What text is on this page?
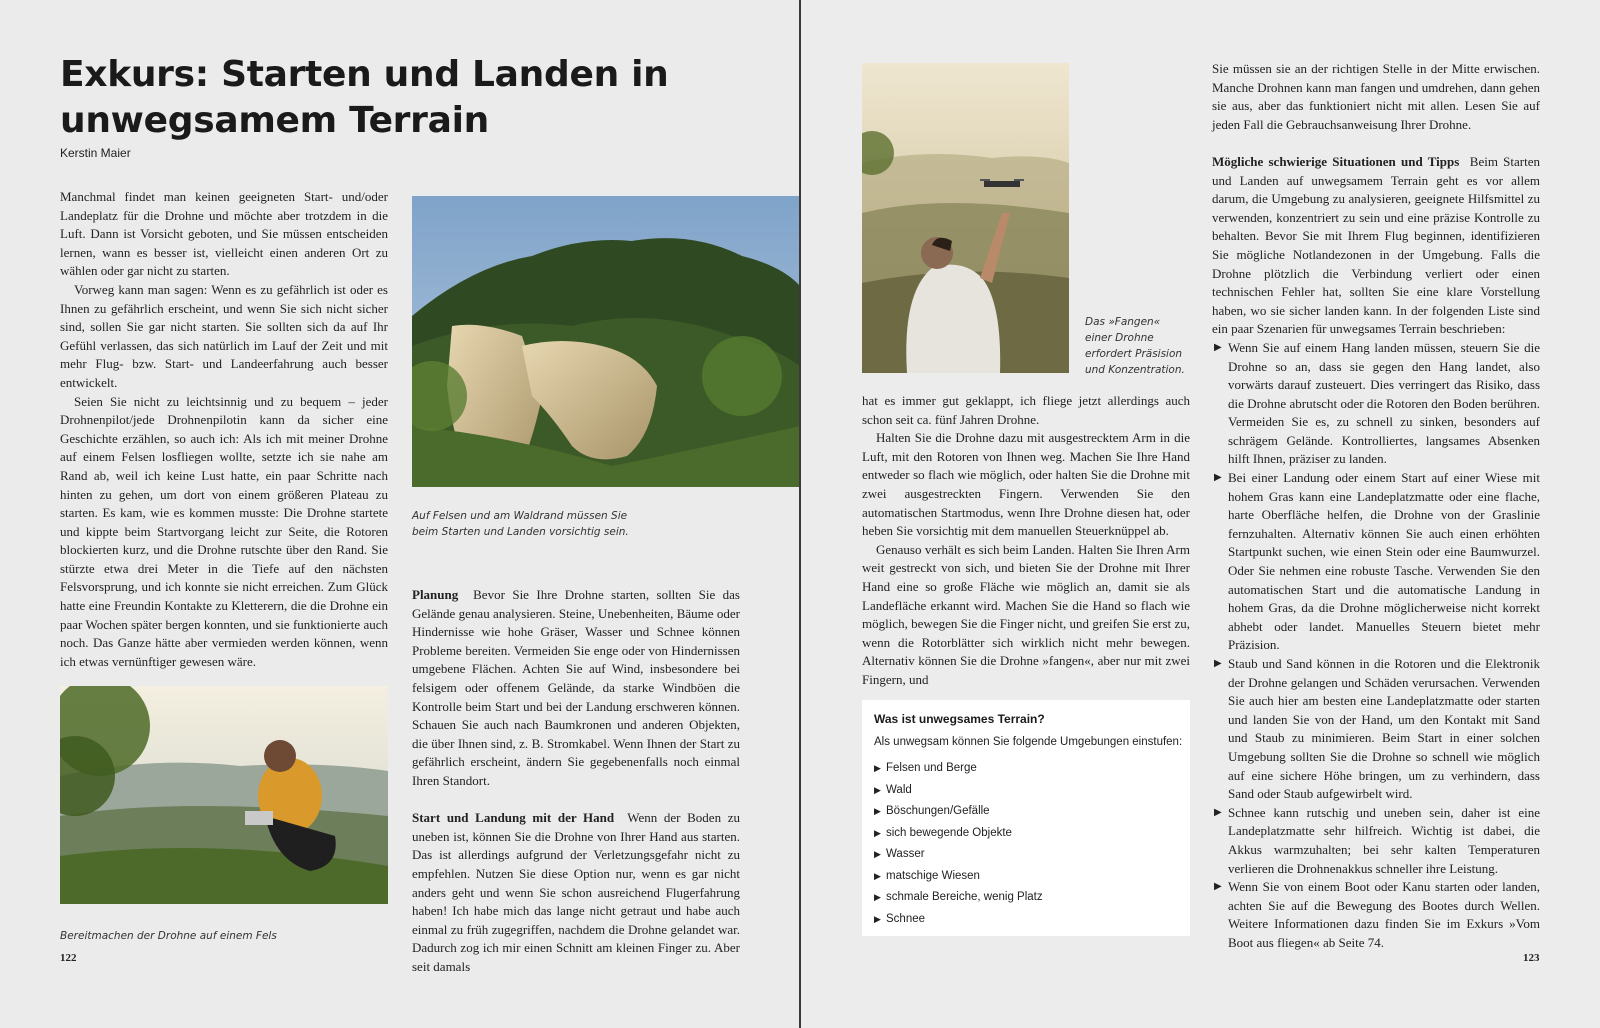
Exkurs: Starten und Landen in unwegsamem Terrain
Kerstin Maier

Manchmal findet man keinen geeigneten Start- und/oder Landeplatz für die Drohne und möchte aber trotzdem in die Luft. Dann ist Vorsicht geboten, und Sie müssen entscheiden lernen, wann es besser ist, vielleicht einen anderen Ort zu wählen oder gar nicht zu starten.

Vorweg kann man sagen: Wenn es zu gefährlich ist oder es Ihnen zu gefährlich erscheint, und wenn Sie sich nicht sicher sind, sollen Sie gar nicht starten. Sie sollten sich da auf Ihr Gefühl verlassen, das sich natürlich im Lauf der Zeit und mit mehr Flug- bzw. Start- und Landeerfahrung auch besser entwickelt.

Seien Sie nicht zu leichtsinnig und zu bequem – jeder Drohnenpilot/jede Drohnenpilotin kann da sicher eine Geschichte erzählen, so auch ich: Als ich mit meiner Drohne auf einem Felsen losfliegen wollte, setzte ich sie nahe am Rand ab, weil ich keine Lust hatte, ein paar Schritte nach hinten zu gehen, um dort von einem größeren Plateau zu starten. Es kam, wie es kommen musste: Die Drohne startete und kippte beim Startvorgang leicht zur Seite, die Rotoren blockierten kurz, und die Drohne rutschte über den Rand. Sie stürzte etwa drei Meter in die Tiefe auf den nächsten Felsvorsprung, und ich konnte sie nicht erreichen. Zum Glück hatte eine Freundin Kontakte zu Kletterern, die die Drohne ein paar Wochen später bergen konnten, und sie funktionierte auch noch. Das Ganze hätte aber vermieden werden können, wenn ich etwas vernünftiger gewesen wäre.

Auf Felsen und am Waldrand müssen Sie beim Starten und Landen vorsichtig sein.

Planung Bevor Sie Ihre Drohne starten, sollten Sie das Gelände genau analysieren. Steine, Unebenheiten, Bäume oder Hindernisse wie hohe Gräser, Wasser und Schnee können Probleme bereiten. Vermeiden Sie enge oder von Hindernissen umgebene Flächen. Achten Sie auf Wind, insbesondere bei felsigem oder offenem Gelände, da starke Windböen die Kontrolle beim Start und bei der Landung erschweren können. Schauen Sie auch nach Baumkronen und anderen Objekten, die über Ihnen sind, z. B. Stromkabel. Wenn Ihnen der Start zu gefährlich erscheint, ändern Sie gegebenenfalls noch einmal Ihren Standort.

Start und Landung mit der Hand Wenn der Boden zu uneben ist, können Sie die Drohne von Ihrer Hand aus starten. Das ist allerdings aufgrund der Verletzungsgefahr nicht zu empfehlen. Nutzen Sie diese Option nur, wenn es gar nicht anders geht und wenn Sie schon ausreichend Flugerfahrung haben! Ich habe mich das lange nicht getraut und habe auch einmal zu früh zugegriffen, nachdem die Drohne gelandet war. Dadurch zog ich mir einen Schnitt am kleinen Finger zu. Aber seit damals

Bereitmachen der Drohne auf einem Fels
122
Das »Fangen« einer Drohne erfordert Präsision und Konzentration.

hat es immer gut geklappt, ich fliege jetzt allerdings auch schon seit ca. fünf Jahren Drohne.

Halten Sie die Drohne dazu mit ausgestrecktem Arm in die Luft, mit den Rotoren von Ihnen weg. Machen Sie Ihre Hand entweder so flach wie möglich, oder halten Sie die Drohne mit zwei ausgestreckten Fingern. Verwenden Sie den automatischen Startmodus, wenn Ihre Drohne diesen hat, oder heben Sie vorsichtig mit dem manuellen Steuerknüppel ab.

Genauso verhält es sich beim Landen. Halten Sie Ihren Arm weit gestreckt von sich, und bieten Sie der Drohne mit Ihrer Hand eine so große Fläche wie möglich an, damit sie als Landefläche erkannt wird. Machen Sie die Hand so flach wie möglich, bewegen Sie die Finger nicht, und greifen Sie erst zu, wenn die Rotorblätter sich wirklich nicht mehr bewegen. Alternativ können Sie die Drohne »fangen«, aber nur mit zwei Fingern, und

Sie müssen sie an der richtigen Stelle in der Mitte erwischen. Manche Drohnen kann man fangen und umdrehen, dann gehen sie aus, aber das funktioniert nicht mit allen. Lesen Sie auf jeden Fall die Gebrauchsanweisung Ihrer Drohne.

Mögliche schwierige Situationen und Tipps Beim Starten und Landen auf unwegsamem Terrain geht es vor allem darum, die Umgebung zu analysieren, geeignete Hilfsmittel zu verwenden, konzentriert zu sein und eine präzise Kontrolle zu behalten. Bevor Sie mit Ihrem Flug beginnen, identifizieren Sie mögliche Notlandezonen in der Umgebung. Falls die Drohne plötzlich die Verbindung verliert oder einen technischen Fehler hat, sollten Sie eine klare Vorstellung haben, wo sie sicher landen kann. In der folgenden Liste sind ein paar Szenarien für unwegsames Terrain beschrieben:

▶ Wenn Sie auf einem Hang landen müssen, steuern Sie die Drohne so an, dass sie gegen den Hang landet, also vorwärts darauf zusteuert. Dies verringert das Risiko, dass die Drohne abrutscht oder die Rotoren den Boden berühren. Vermeiden Sie es, zu schnell zu sinken, besonders auf schrägem Gelände. Kontrolliertes, langsames Absenken hilft Ihnen, präziser zu landen.
▶ Bei einer Landung oder einem Start auf einer Wiese mit hohem Gras kann eine Landeplatzmatte oder eine flache, harte Oberfläche helfen, die Drohne von der Graslinie fernzuhalten. Alternativ können Sie auch einen erhöhten Startpunkt suchen, wie einen Stein oder eine Baumwurzel. Oder Sie nehmen eine robuste Tasche. Verwenden Sie den automatischen Start und die automatische Landung in hohem Gras, da die Drohne möglicherweise nicht korrekt abhebt oder landet. Manuelles Steuern bietet mehr Präzision.
▶ Staub und Sand können in die Rotoren und die Elektronik der Drohne gelangen und Schäden verursachen. Verwenden Sie auch hier am besten eine Landeplatzmatte oder starten und landen Sie von der Hand, um den Kontakt mit Sand und Staub zu minimieren. Beim Start in einer solchen Umgebung sollten Sie die Drohne so schnell wie möglich auf eine sichere Höhe bringen, um zu verhindern, dass Sand oder Staub aufgewirbelt wird.
▶ Schnee kann rutschig und uneben sein, daher ist eine Landeplatzmatte sehr hilfreich. Wichtig ist dabei, die Akkus warmzuhalten; bei sehr kalten Temperaturen verlieren die Drohnenakkus schneller ihre Leistung.
▶ Wenn Sie von einem Boot oder Kanu starten oder landen, achten Sie auf die Bewegung des Bootes durch Wellen. Weitere Informationen dazu finden Sie im Exkurs »Vom Boot aus fliegen« ab Seite 74.
123
Was ist unwegsames Terrain?
Als unwegsam können Sie folgende Umgebungen einstufen:
▶ Felsen und Berge
▶ Wald
▶ Böschungen/Gefälle
▶ sich bewegende Objekte
▶ Wasser
▶ matschige Wiesen
▶ schmale Bereiche, wenig Platz
▶ Schnee
